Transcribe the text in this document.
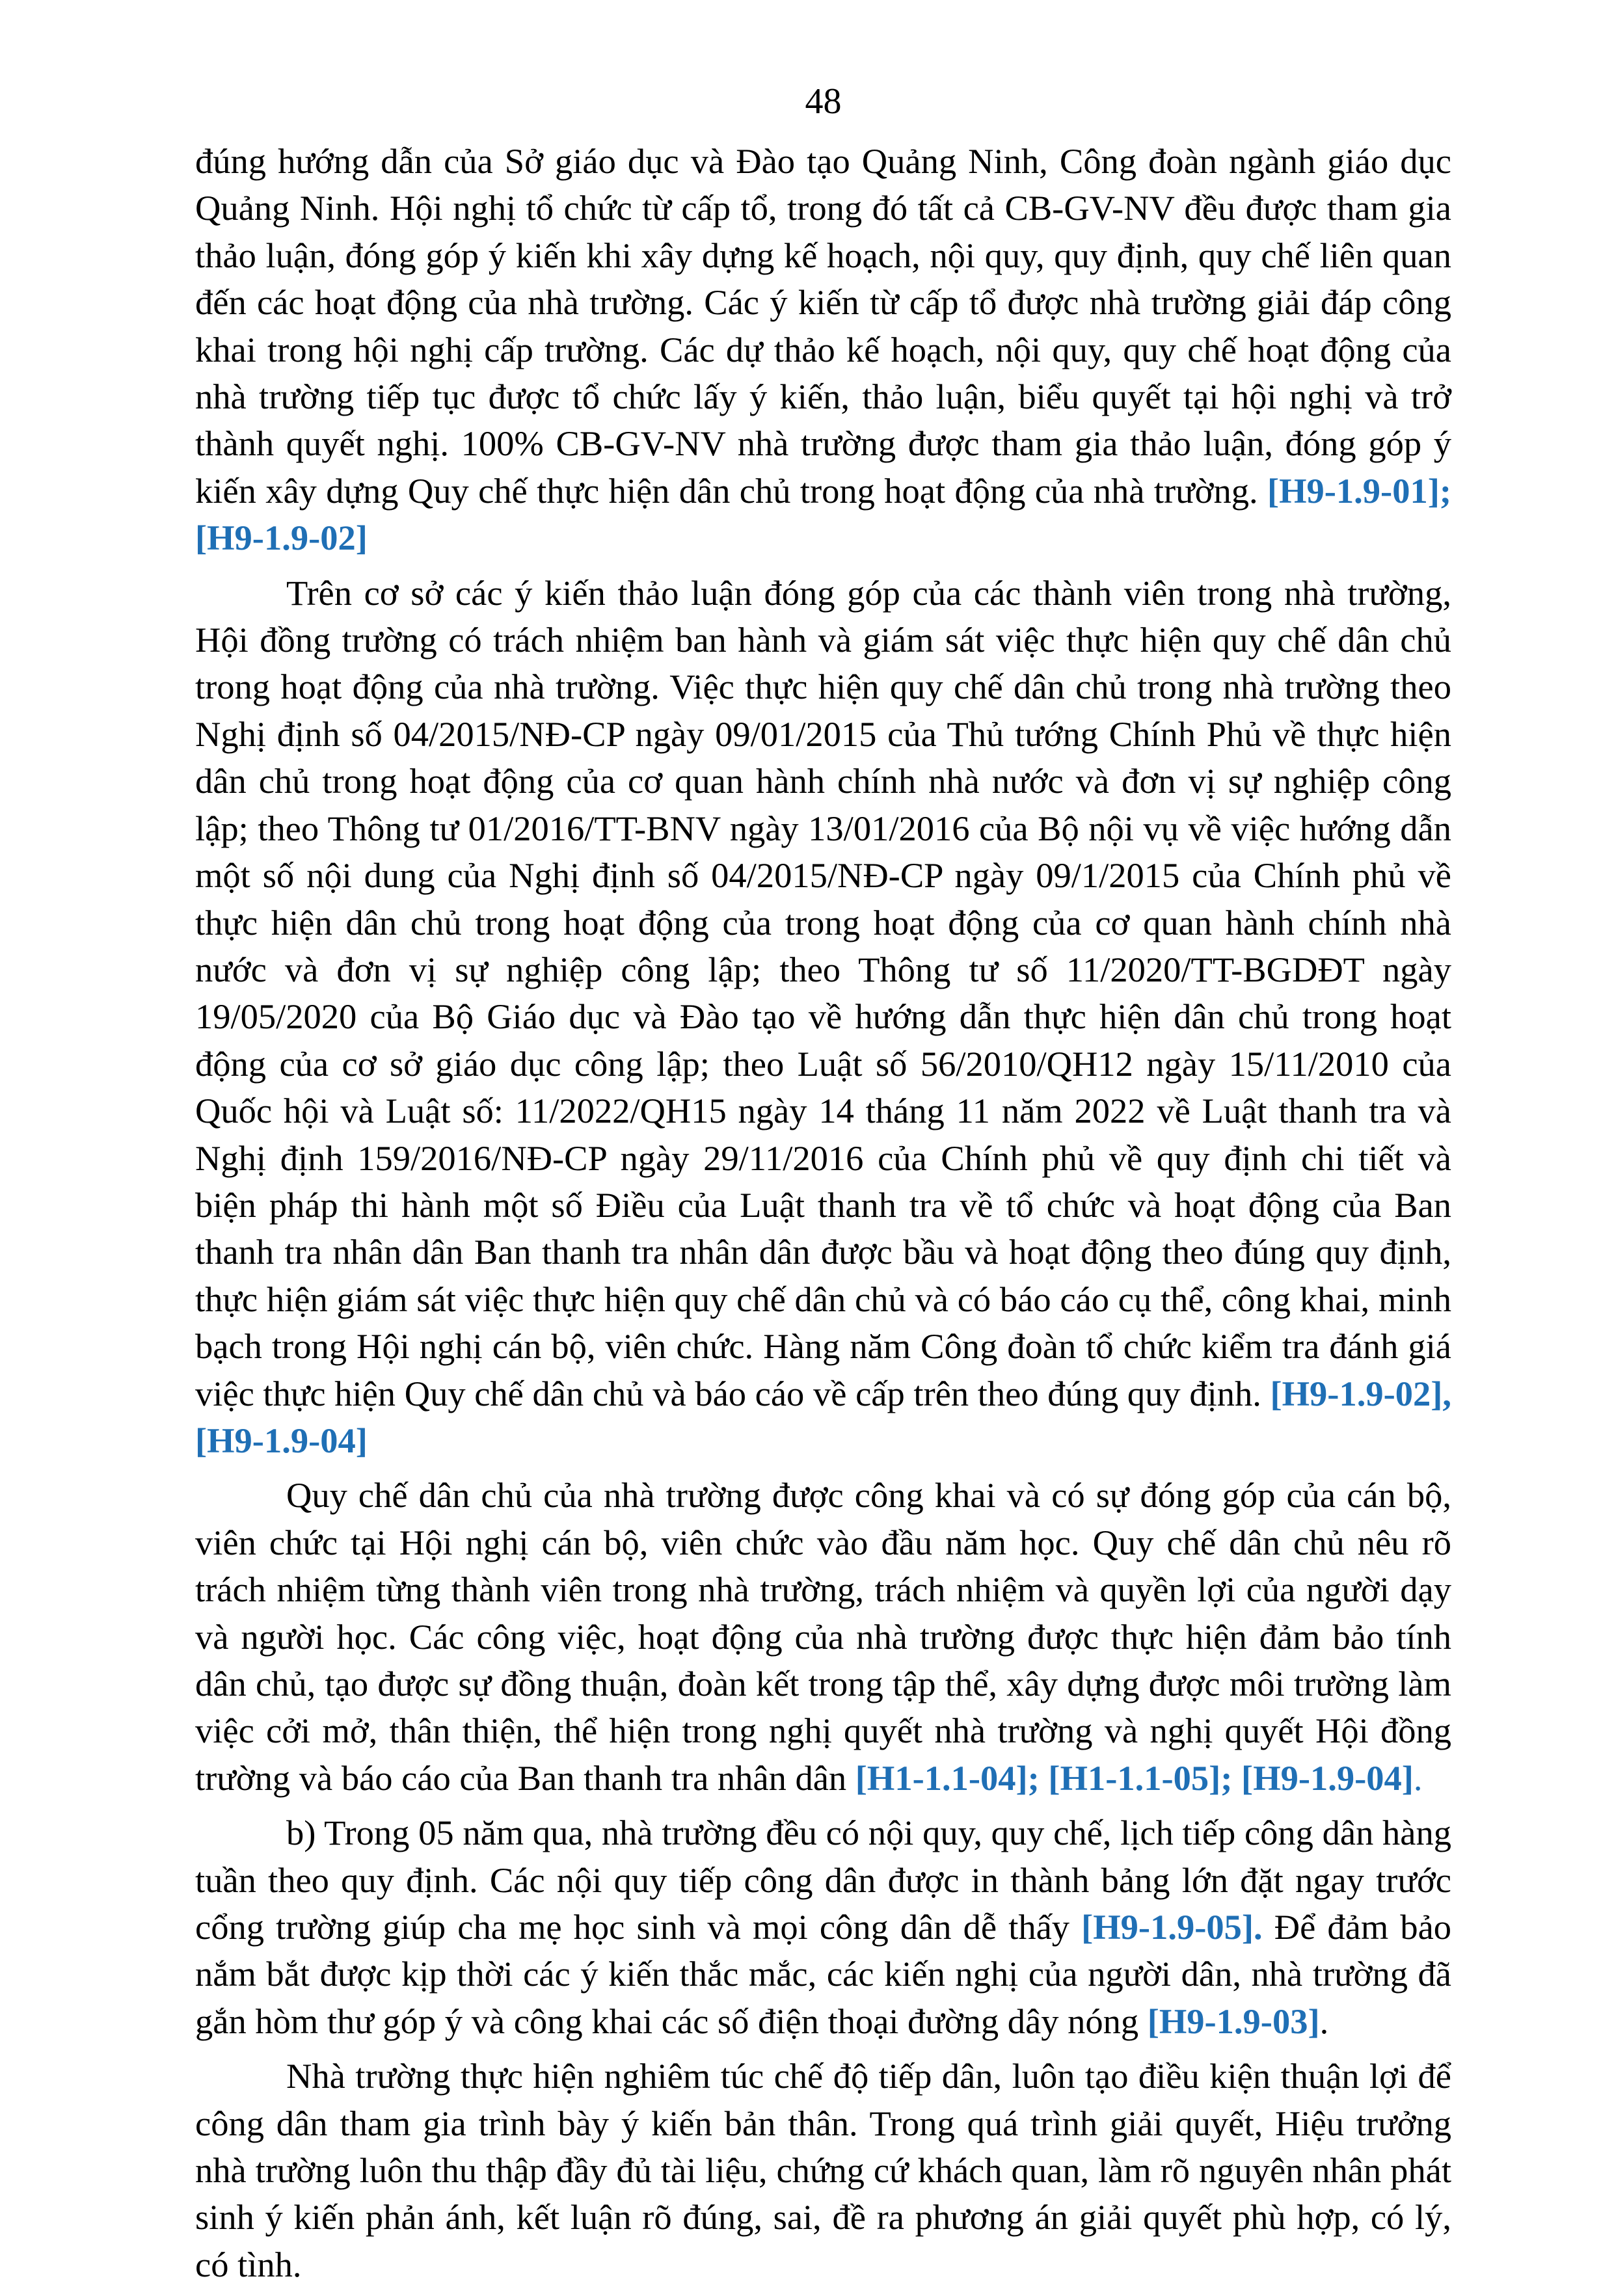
48

đúng hướng dẫn của Sở giáo dục và Đào tạo Quảng Ninh, Công đoàn ngành giáo dục Quảng Ninh. Hội nghị tổ chức từ cấp tổ, trong đó tất cả CB-GV-NV đều được tham gia thảo luận, đóng góp ý kiến khi xây dựng kế hoạch, nội quy, quy định, quy chế liên quan đến các hoạt động của nhà trường. Các ý kiến từ cấp tổ được nhà trường giải đáp công khai trong hội nghị cấp trường. Các dự thảo kế hoạch, nội quy, quy chế hoạt động của nhà trường tiếp tục được tổ chức lấy ý kiến, thảo luận, biểu quyết tại hội nghị và trở thành quyết nghị. 100% CB-GV-NV nhà trường được tham gia thảo luận, đóng góp ý kiến xây dựng Quy chế thực hiện dân chủ trong hoạt động của nhà trường. [H9-1.9-01]; [H9-1.9-02]

Trên cơ sở các ý kiến thảo luận đóng góp của các thành viên trong nhà trường, Hội đồng trường có trách nhiệm ban hành và giám sát việc thực hiện quy chế dân chủ trong hoạt động của nhà trường. Việc thực hiện quy chế dân chủ trong nhà trường theo Nghị định số 04/2015/NĐ-CP ngày 09/01/2015 của Thủ tướng Chính Phủ về thực hiện dân chủ trong hoạt động của cơ quan hành chính nhà nước và đơn vị sự nghiệp công lập; theo Thông tư 01/2016/TT-BNV ngày 13/01/2016 của Bộ nội vụ về việc hướng dẫn một số nội dung của Nghị định số 04/2015/NĐ-CP ngày 09/1/2015 của Chính phủ về thực hiện dân chủ trong hoạt động của trong hoạt động của cơ quan hành chính nhà nước và đơn vị sự nghiệp công lập; theo Thông tư số 11/2020/TT-BGDĐT ngày 19/05/2020 của Bộ Giáo dục và Đào tạo về hướng dẫn thực hiện dân chủ trong hoạt động của cơ sở giáo dục công lập; theo Luật số 56/2010/QH12 ngày 15/11/2010 của Quốc hội và Luật số: 11/2022/QH15 ngày 14 tháng 11 năm 2022 về Luật thanh tra và Nghị định 159/2016/NĐ-CP ngày 29/11/2016 của Chính phủ về quy định chi tiết và biện pháp thi hành một số Điều của Luật thanh tra về tổ chức và hoạt động của Ban thanh tra nhân dân Ban thanh tra nhân dân được bầu và hoạt động theo đúng quy định, thực hiện giám sát việc thực hiện quy chế dân chủ và có báo cáo cụ thể, công khai, minh bạch trong Hội nghị cán bộ, viên chức. Hàng năm Công đoàn tổ chức kiểm tra đánh giá việc thực hiện Quy chế dân chủ và báo cáo về cấp trên theo đúng quy định. [H9-1.9-02], [H9-1.9-04]

Quy chế dân chủ của nhà trường được công khai và có sự đóng góp của cán bộ, viên chức tại Hội nghị cán bộ, viên chức vào đầu năm học. Quy chế dân chủ nêu rõ trách nhiệm từng thành viên trong nhà trường, trách nhiệm và quyền lợi của người dạy và người học. Các công việc, hoạt động của nhà trường được thực hiện đảm bảo tính dân chủ, tạo được sự đồng thuận, đoàn kết trong tập thể, xây dựng được môi trường làm việc cởi mở, thân thiện, thể hiện trong nghị quyết nhà trường và nghị quyết Hội đồng trường và báo cáo của Ban thanh tra nhân dân [H1-1.1-04]; [H1-1.1-05]; [H9-1.9-04].

b) Trong 05 năm qua, nhà trường đều có nội quy, quy chế, lịch tiếp công dân hàng tuần theo quy định. Các nội quy tiếp công dân được in thành bảng lớn đặt ngay trước cổng trường giúp cha mẹ học sinh và mọi công dân dễ thấy [H9-1.9-05]. Để đảm bảo nắm bắt được kịp thời các ý kiến thắc mắc, các kiến nghị của người dân, nhà trường đã gắn hòm thư góp ý và công khai các số điện thoại đường dây nóng [H9-1.9-03].

Nhà trường thực hiện nghiêm túc chế độ tiếp dân, luôn tạo điều kiện thuận lợi để công dân tham gia trình bày ý kiến bản thân. Trong quá trình giải quyết, Hiệu trưởng nhà trường luôn thu thập đầy đủ tài liệu, chứng cứ khách quan, làm rõ nguyên nhân phát sinh ý kiến phản ánh, kết luận rõ đúng, sai, đề ra phương án giải quyết phù hợp, có lý, có tình.
